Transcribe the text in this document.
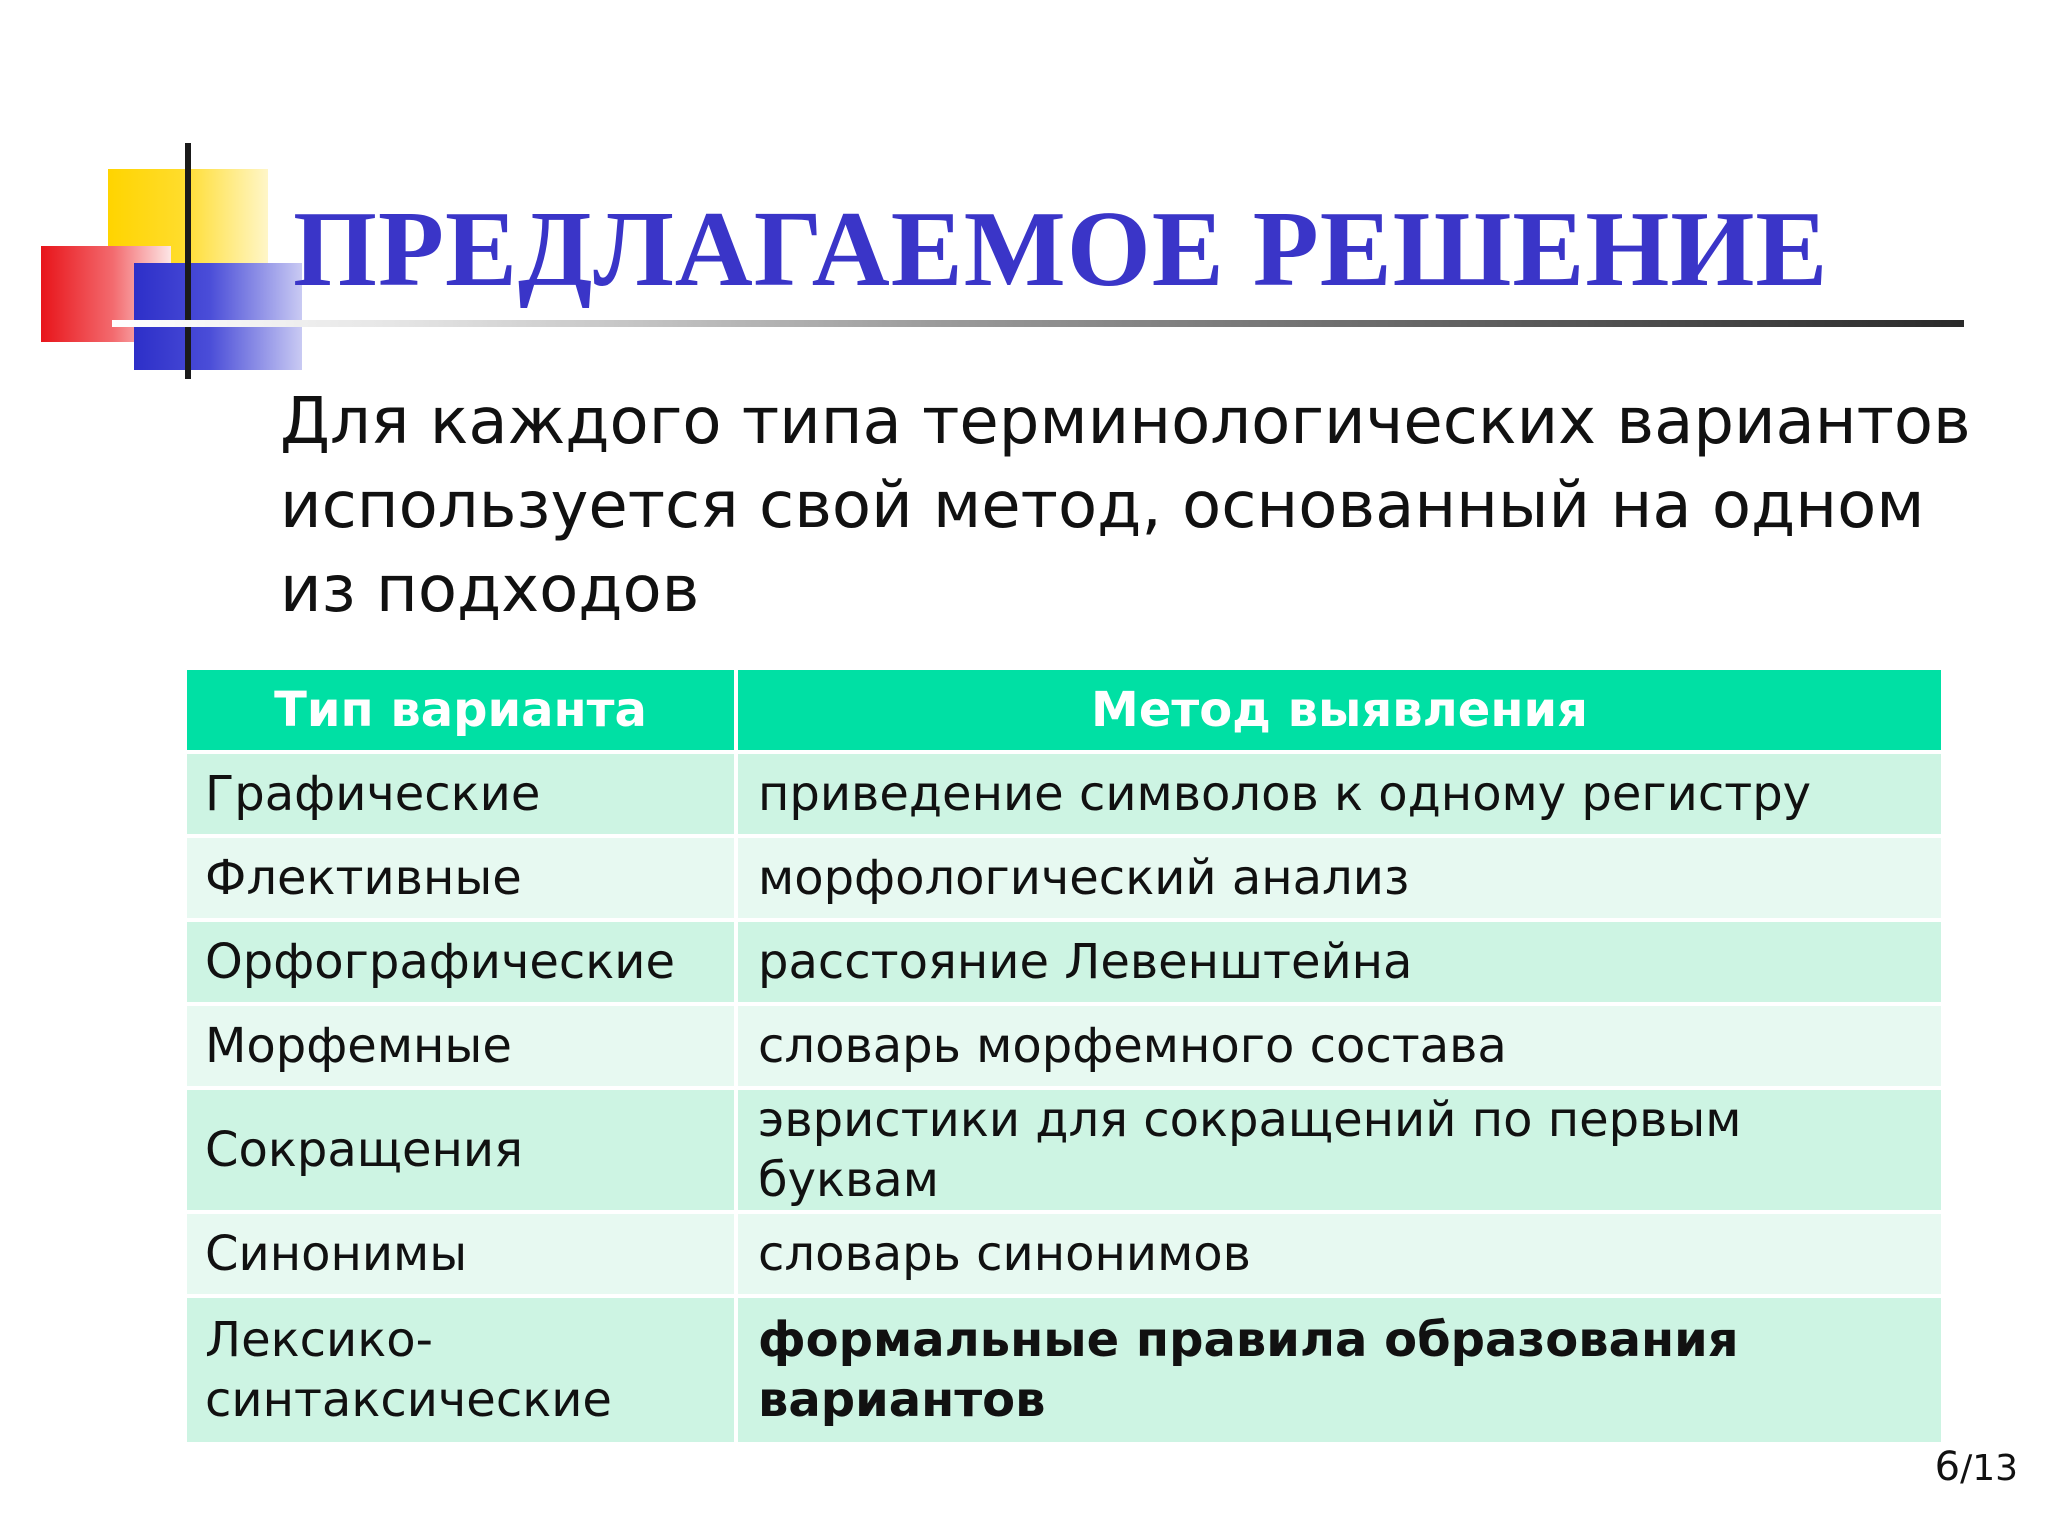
ПРЕДЛАГАЕМОЕ РЕШЕНИЕ

Для каждого типа терминологических вариантов используется свой метод, основанный на одном из подходов

Тип варианта	Метод выявления
Графические	приведение символов к одному регистру
Флективные	морфологический анализ
Орфографические	расстояние Левенштейна
Морфемные	словарь морфемного состава
Сокращения	эвристики для сокращений по первым буквам
Синонимы	словарь синонимов
Лексико-синтаксические	формальные правила образования вариантов
6/13
